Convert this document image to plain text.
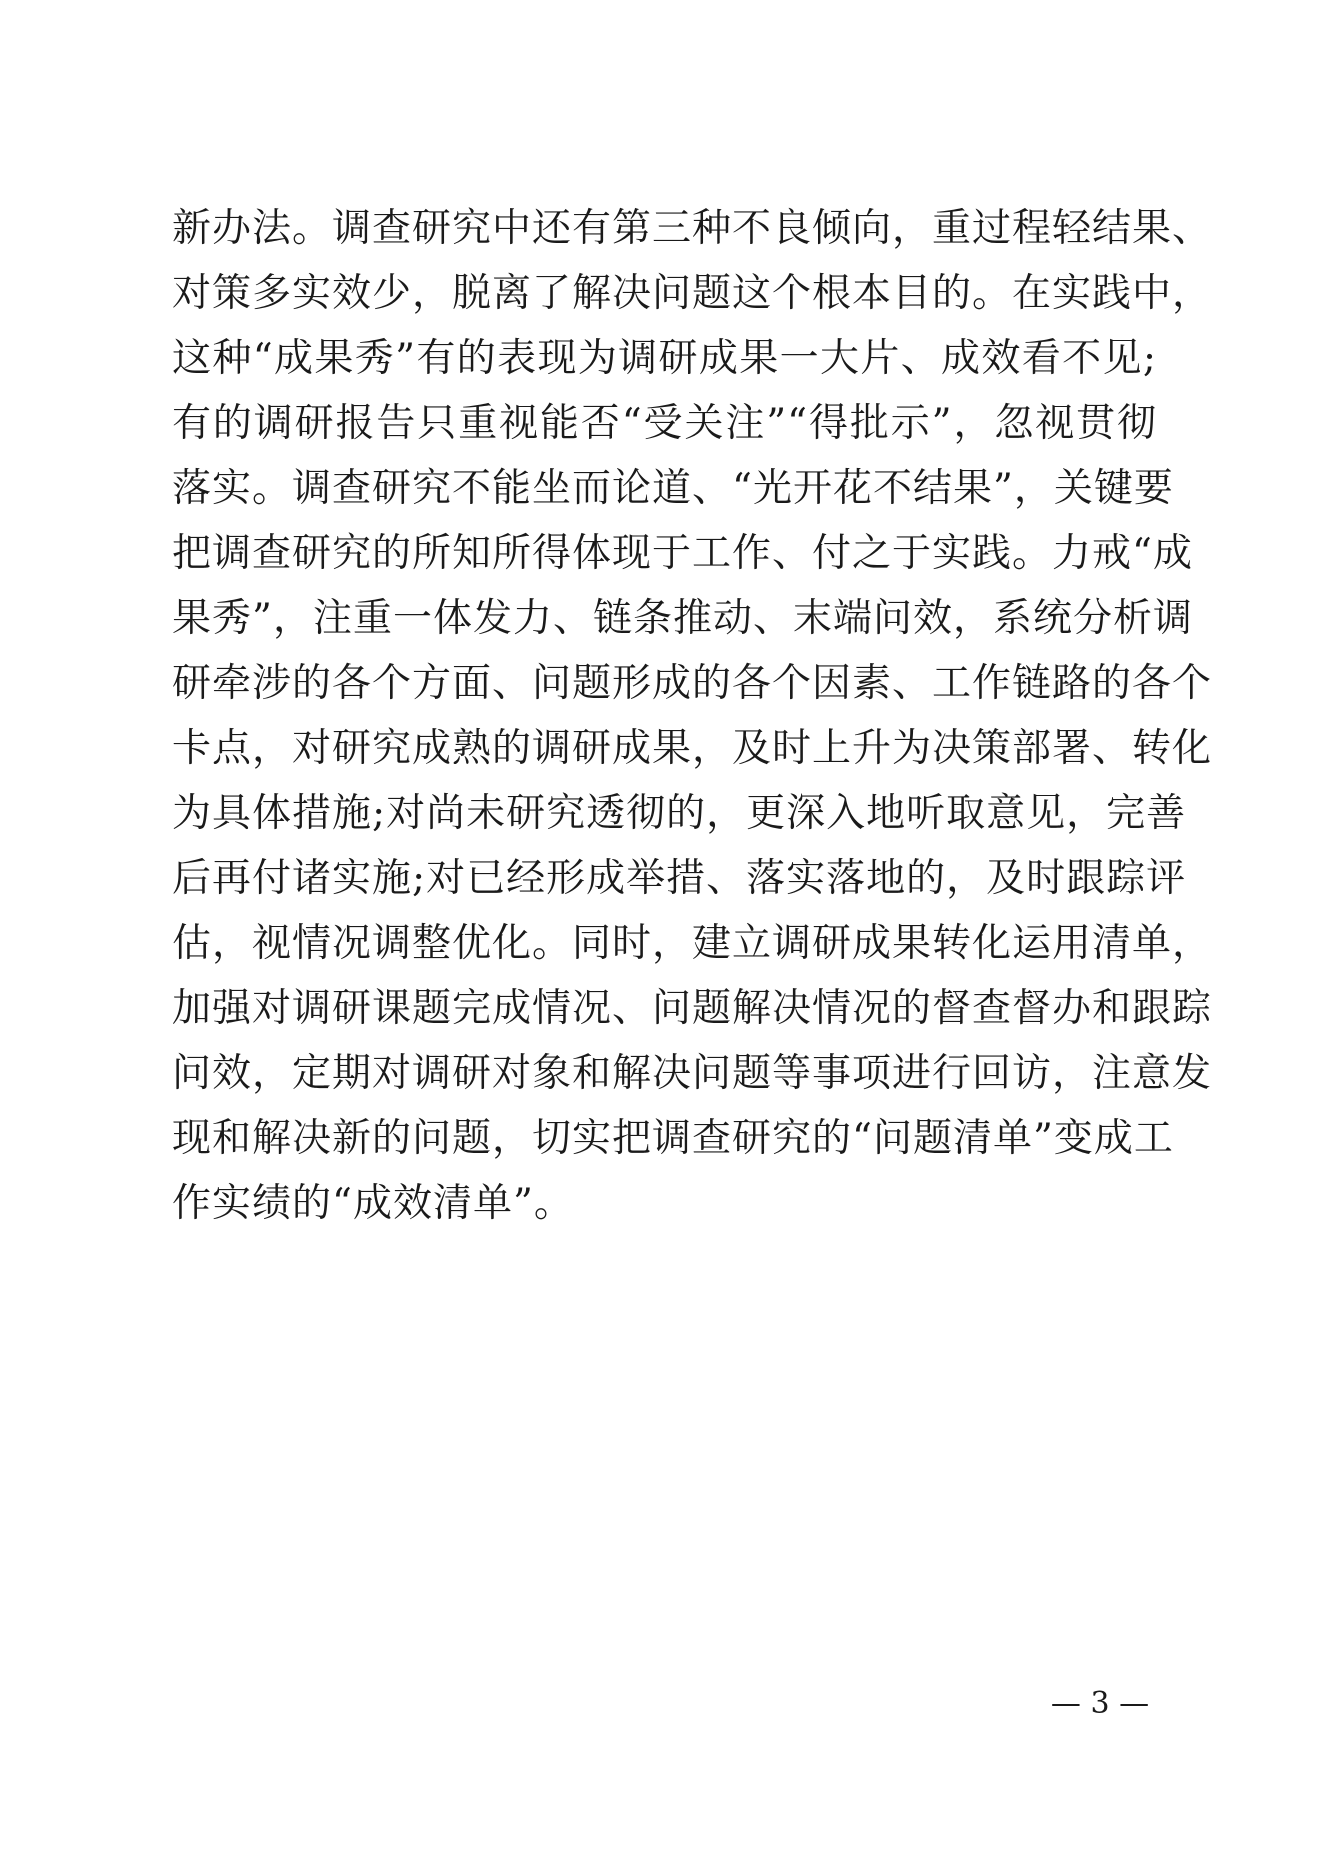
新办法。调查研究中还有第三种不良倾向，重过程轻结果、
对策多实效少，脱离了解决问题这个根本目的。在实践中，
这种“成果秀”有的表现为调研成果一大片、成效看不见;
有的调研报告只重视能否“受关注”“得批示”，忽视贯彻
落实。调查研究不能坐而论道、“光开花不结果”，关键要
把调查研究的所知所得体现于工作、付之于实践。力戒“成
果秀”，注重一体发力、链条推动、末端问效，系统分析调
研牵涉的各个方面、问题形成的各个因素、工作链路的各个
卡点，对研究成熟的调研成果，及时上升为决策部署、转化
为具体措施;对尚未研究透彻的，更深入地听取意见，完善
后再付诸实施;对已经形成举措、落实落地的，及时跟踪评
估，视情况调整优化。同时，建立调研成果转化运用清单，
加强对调研课题完成情况、问题解决情况的督查督办和跟踪
问效，定期对调研对象和解决问题等事项进行回访，注意发
现和解决新的问题，切实把调查研究的“问题清单”变成工
作实绩的“成效清单”。
— 3 —
